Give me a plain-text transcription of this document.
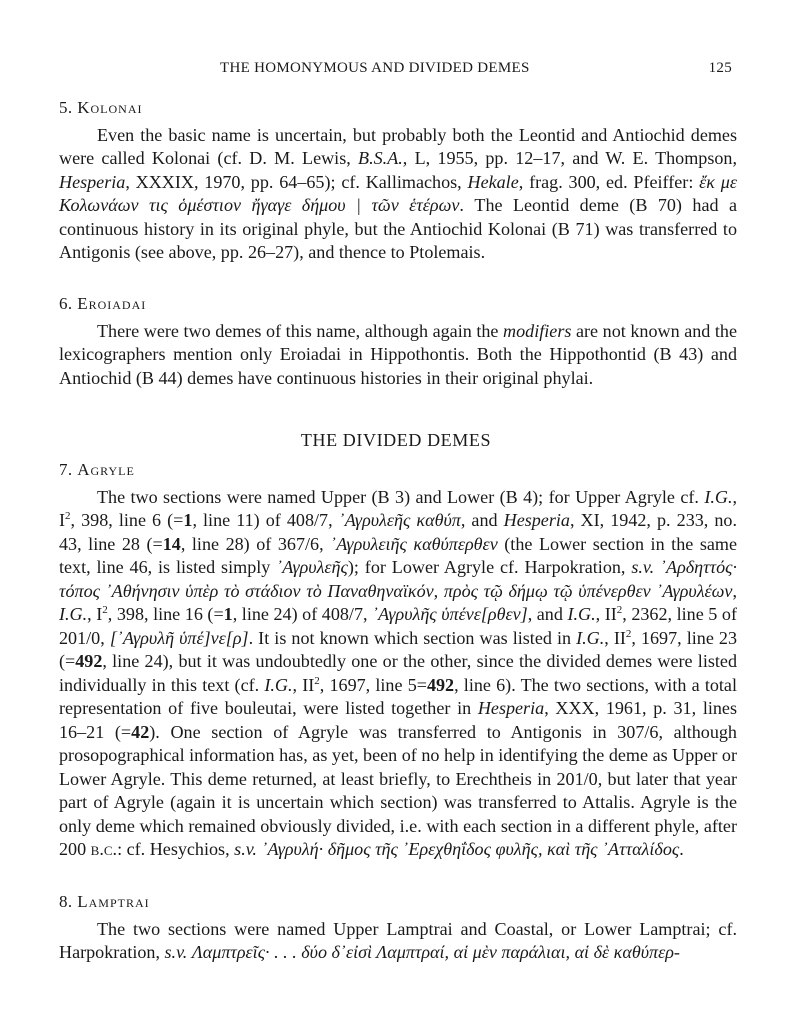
THE HOMONYMOUS AND DIVIDED DEMES	125
5. Kolonai

Even the basic name is uncertain, but probably both the Leontid and Antiochid demes were called Kolonai (cf. D. M. Lewis, B.S.A., L, 1955, pp. 12–17, and W. E. Thompson, Hesperia, XXXIX, 1970, pp. 64–65); cf. Kallimachos, Hekale, frag. 300, ed. Pfeiffer: ἔκ με Κολωνάων τις ὁμέστιον ἤγαγε δήμου | τῶν ἑτέρων. The Leontid deme (B 70) had a continuous history in its original phyle, but the Antiochid Kolonai (B 71) was transferred to Antigonis (see above, pp. 26–27), and thence to Ptolemais.

6. Eroiadai

There were two demes of this name, although again the modifiers are not known and the lexicographers mention only Eroiadai in Hippothontis. Both the Hippothontid (B 43) and Antiochid (B 44) demes have continuous histories in their original phylai.

THE DIVIDED DEMES
7. Agryle

The two sections were named Upper (B 3) and Lower (B 4); for Upper Agryle cf. I.G., $I^2$, 398, line 6 (=1, line 11) of 408/7, ᾿Αγρυλεῆς καθύπ, and Hesperia, XI, 1942, p. 233, no. 43, line 28 (=14, line 28) of 367/6, ᾿Αγρυλειῆς καθύπερθεν (the Lower section in the same text, line 46, is listed simply ᾿Αγρυλεῆς); for Lower Agryle cf. Harpokration, s.v. ᾿Αρδηττός· τόπος ᾿Αθήνησιν ὑπὲρ τὸ στάδιον τὸ Παναθηναϊκόν, πρὸς τῷ δήμῳ τῷ ὑπένερθεν ᾿Αγρυλέων, I.G., $I^2$, 398, line 16 (=1, line 24) of 408/7, ᾿Αγρυλῆς ὑπένε[ρθεν], and I.G., $II^2$, 2362, line 5 of 201/0, [᾿Αγρυλῆ ὑπέ]νε[ρ]. It is not known which section was listed in I.G., $II^2$, 1697, line 23 (=492, line 24), but it was undoubtedly one or the other, since the divided demes were listed individually in this text (cf. I.G., $II^2$, 1697, line 5=492, line 6). The two sections, with a total representation of five bouleutai, were listed together in Hesperia, XXX, 1961, p. 31, lines 16–21 (=42). One section of Agryle was transferred to Antigonis in 307/6, although prosopographical information has, as yet, been of no help in identifying the deme as Upper or Lower Agryle. This deme returned, at least briefly, to Erechtheis in 201/0, but later that year part of Agryle (again it is uncertain which section) was transferred to Attalis. Agryle is the only deme which remained obviously divided, i.e. with each section in a different phyle, after 200 b.c.: cf. Hesychios, s.v. ᾿Αγρυλή· δῆμος τῆς ᾿Ερεχθηΐδος φυλῆς, καὶ τῆς ᾿Ατταλίδος.

8. Lamptrai

The two sections were named Upper Lamptrai and Coastal, or Lower Lamptrai; cf. Harpokration, s.v. Λαμπτρεῖς· . . . δύο δ᾿εἰσὶ Λαμπτραί, αἱ μὲν παράλιαι, αἱ δὲ καθύπερ-
